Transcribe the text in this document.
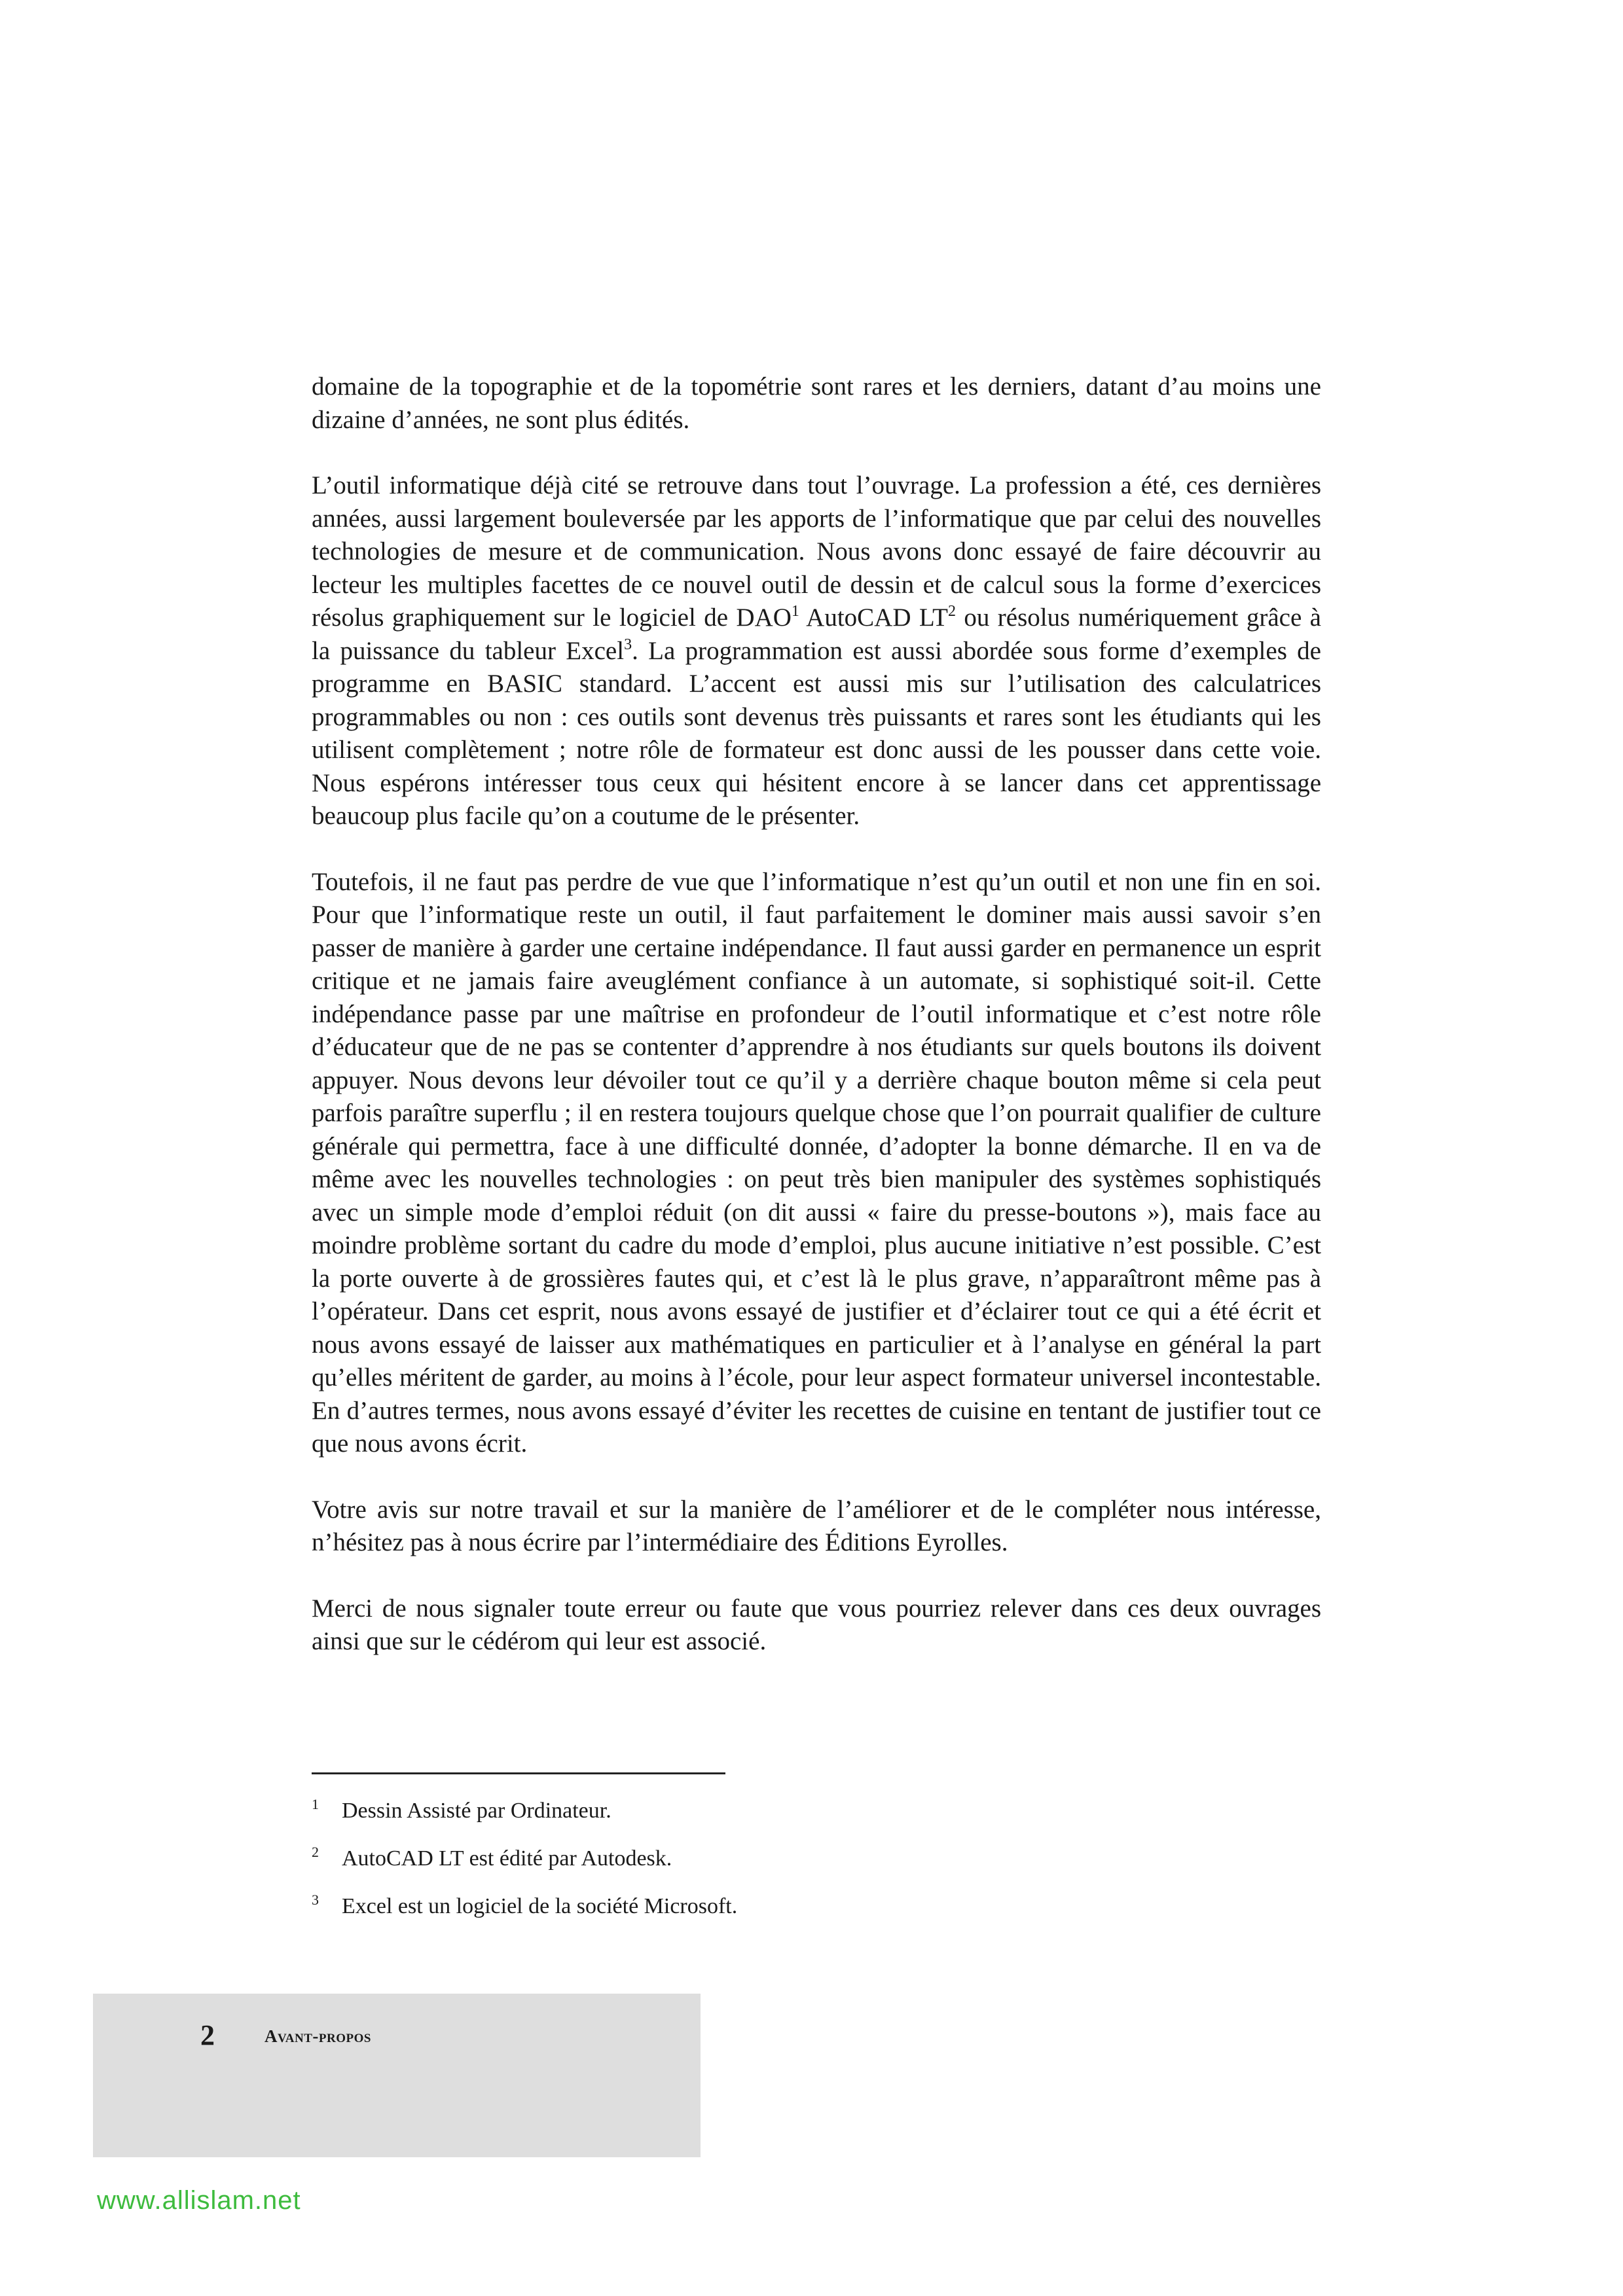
domaine de la topographie et de la topométrie sont rares et les derniers, datant d’au moins une dizaine d’années, ne sont plus édités.

L’outil informatique déjà cité se retrouve dans tout l’ouvrage. La profession a été, ces dernières années, aussi largement bouleversée par les apports de l’informatique que par celui des nouvelles technologies de mesure et de communication. Nous avons donc essayé de faire découvrir au lecteur les multiples facettes de ce nouvel outil de dessin et de calcul sous la forme d’exercices résolus graphiquement sur le logiciel de DAO$^1$ AutoCAD $LT^2$ ou résolus numériquement grâce à la puissance du tableur Excel$^3$. La programmation est aussi abordée sous forme d’exemples de programme en BASIC standard. L’accent est aussi mis sur l’utilisation des calculatrices programmables ou non : ces outils sont devenus très puissants et rares sont les étudiants qui les utilisent complètement ; notre rôle de formateur est donc aussi de les pousser dans cette voie. Nous espérons intéresser tous ceux qui hésitent encore à se lancer dans cet apprentissage beaucoup plus facile qu’on a coutume de le présenter.

Toutefois, il ne faut pas perdre de vue que l’informatique n’est qu’un outil et non une fin en soi. Pour que l’informatique reste un outil, il faut parfaitement le dominer mais aussi savoir s’en passer de manière à garder une certaine indépendance. Il faut aussi garder en permanence un esprit critique et ne jamais faire aveuglément confiance à un automate, si sophistiqué soit-il. Cette indépendance passe par une maîtrise en profondeur de l’outil informatique et c’est notre rôle d’éducateur que de ne pas se contenter d’apprendre à nos étudiants sur quels boutons ils doivent appuyer. Nous devons leur dévoiler tout ce qu’il y a derrière chaque bouton même si cela peut parfois paraître superflu ; il en restera toujours quelque chose que l’on pourrait qualifier de culture générale qui permettra, face à une difficulté donnée, d’adopter la bonne démarche. Il en va de même avec les nouvelles technologies : on peut très bien manipuler des systèmes sophistiqués avec un simple mode d’emploi réduit (on dit aussi « faire du presse-boutons »), mais face au moindre problème sortant du cadre du mode d’emploi, plus aucune initiative n’est possible. C’est la porte ouverte à de grossières fautes qui, et c’est là le plus grave, n’apparaîtront même pas à l’opérateur. Dans cet esprit, nous avons essayé de justifier et d’éclairer tout ce qui a été écrit et nous avons essayé de laisser aux mathématiques en particulier et à l’analyse en général la part qu’elles méritent de garder, au moins à l’école, pour leur aspect formateur universel incontestable. En d’autres termes, nous avons essayé d’éviter les recettes de cuisine en tentant de justifier tout ce que nous avons écrit.

Votre avis sur notre travail et sur la manière de l’améliorer et de le compléter nous intéresse, n’hésitez pas à nous écrire par l’intermédiaire des Éditions Eyrolles.

Merci de nous signaler toute erreur ou faute que vous pourriez relever dans ces deux ouvrages ainsi que sur le cédérom qui leur est associé.

1	Dessin Assisté par Ordinateur.
2	AutoCAD LT est édité par Autodesk.
3	Excel est un logiciel de la société Microsoft.
2	Avant-propos
www.allislam.net
